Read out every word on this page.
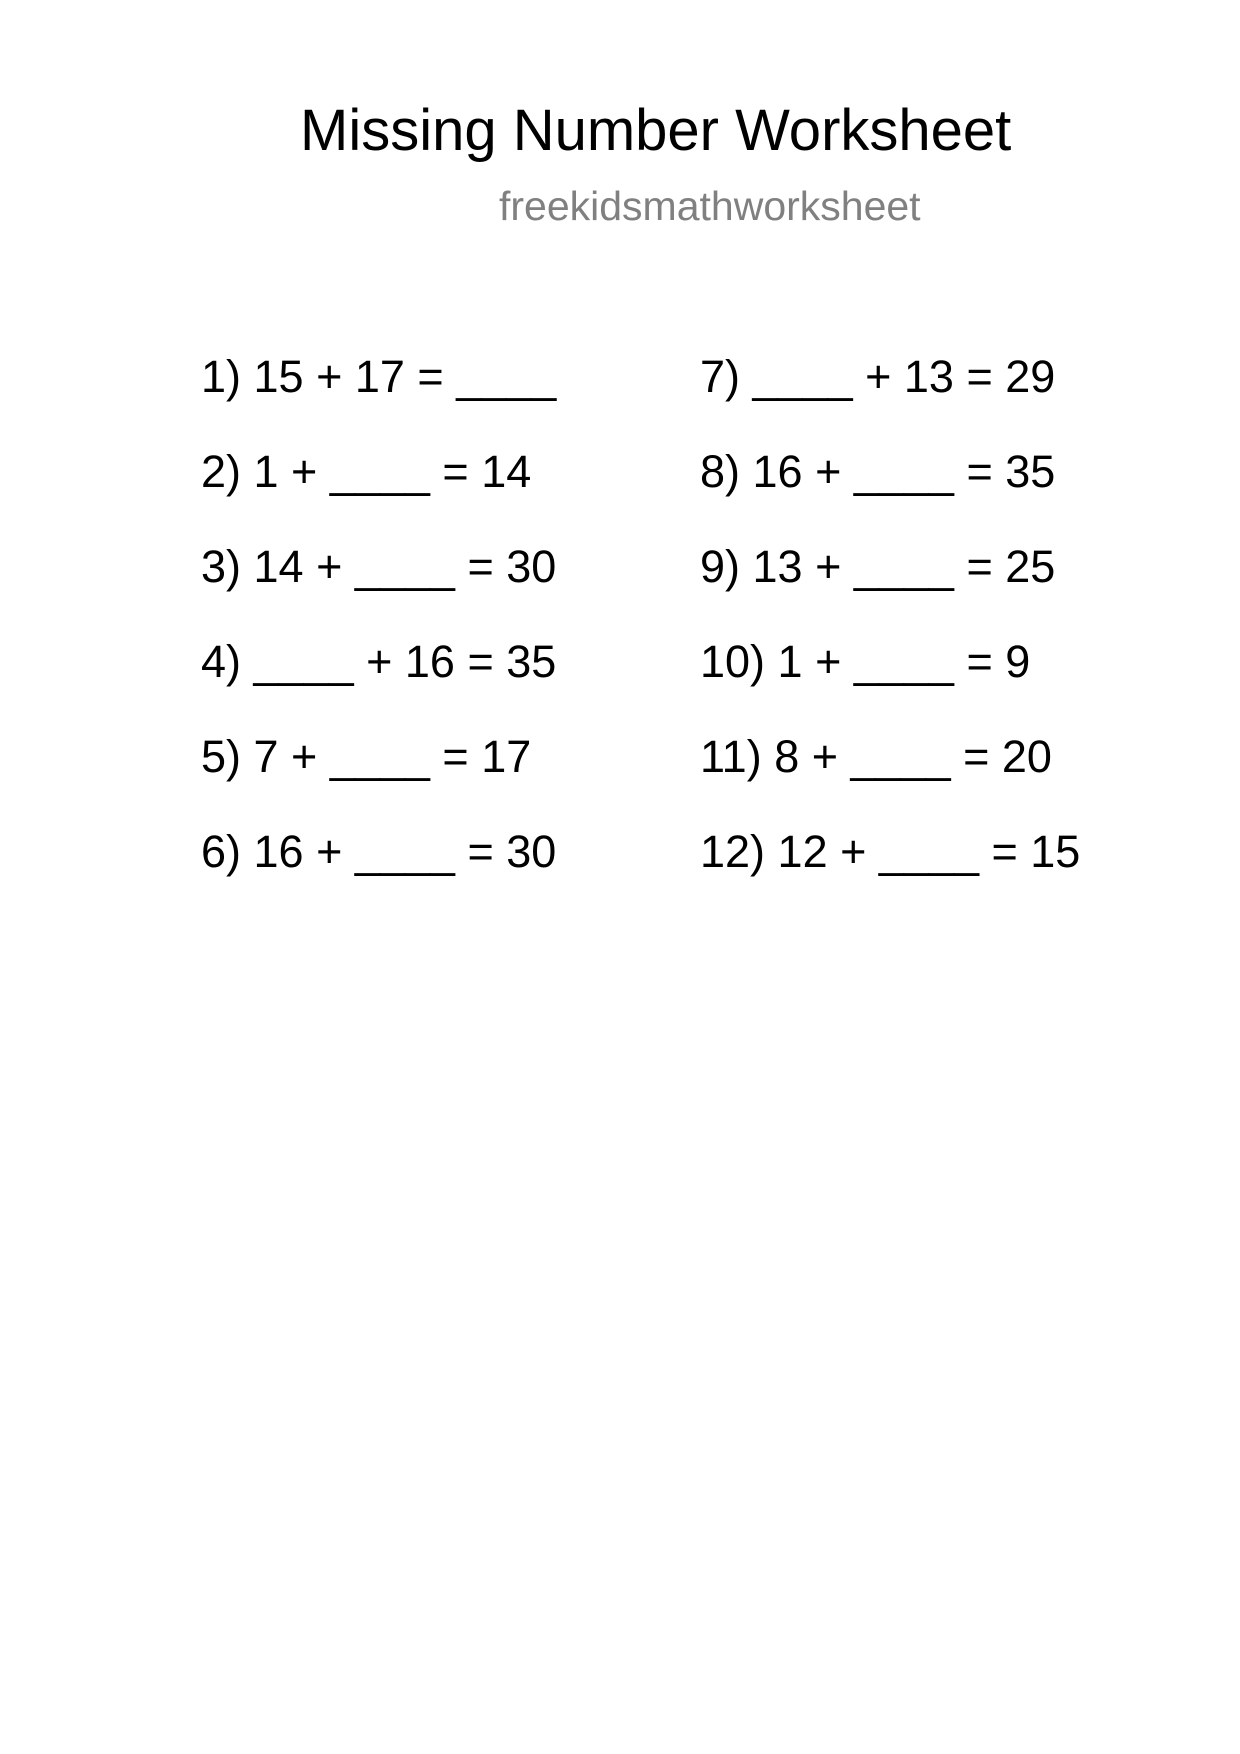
Missing Number Worksheet
freekidsmathworksheet
1) 15 + 17 = ____
2) 1 + ____ = 14
3) 14 + ____ = 30
4) ____ + 16 = 35
5) 7 + ____ = 17
6) 16 + ____ = 30
7) ____ + 13 = 29
8) 16 + ____ = 35
9) 13 + ____ = 25
10) 1 + ____ = 9
11) 8 + ____ = 20
12) 12 + ____ = 15
